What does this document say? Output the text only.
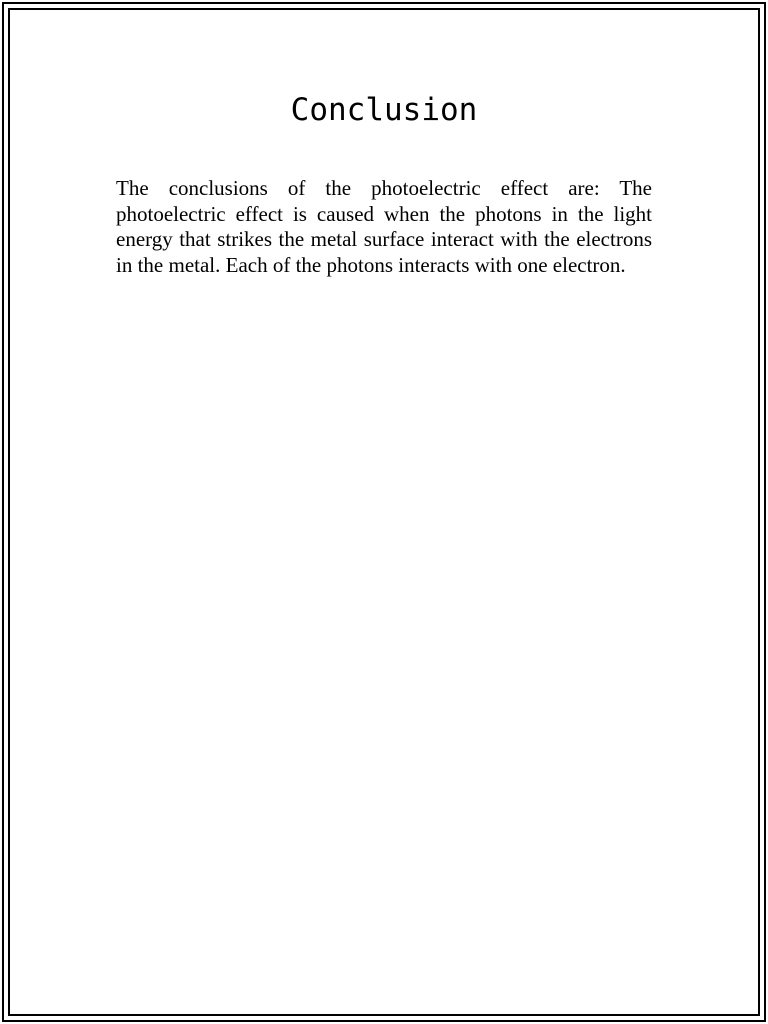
Conclusion

The conclusions of the photoelectric effect are: The photoelectric effect is caused when the photons in the light energy that strikes the metal surface interact with the electrons in the metal. Each of the photons interacts with one electron.
